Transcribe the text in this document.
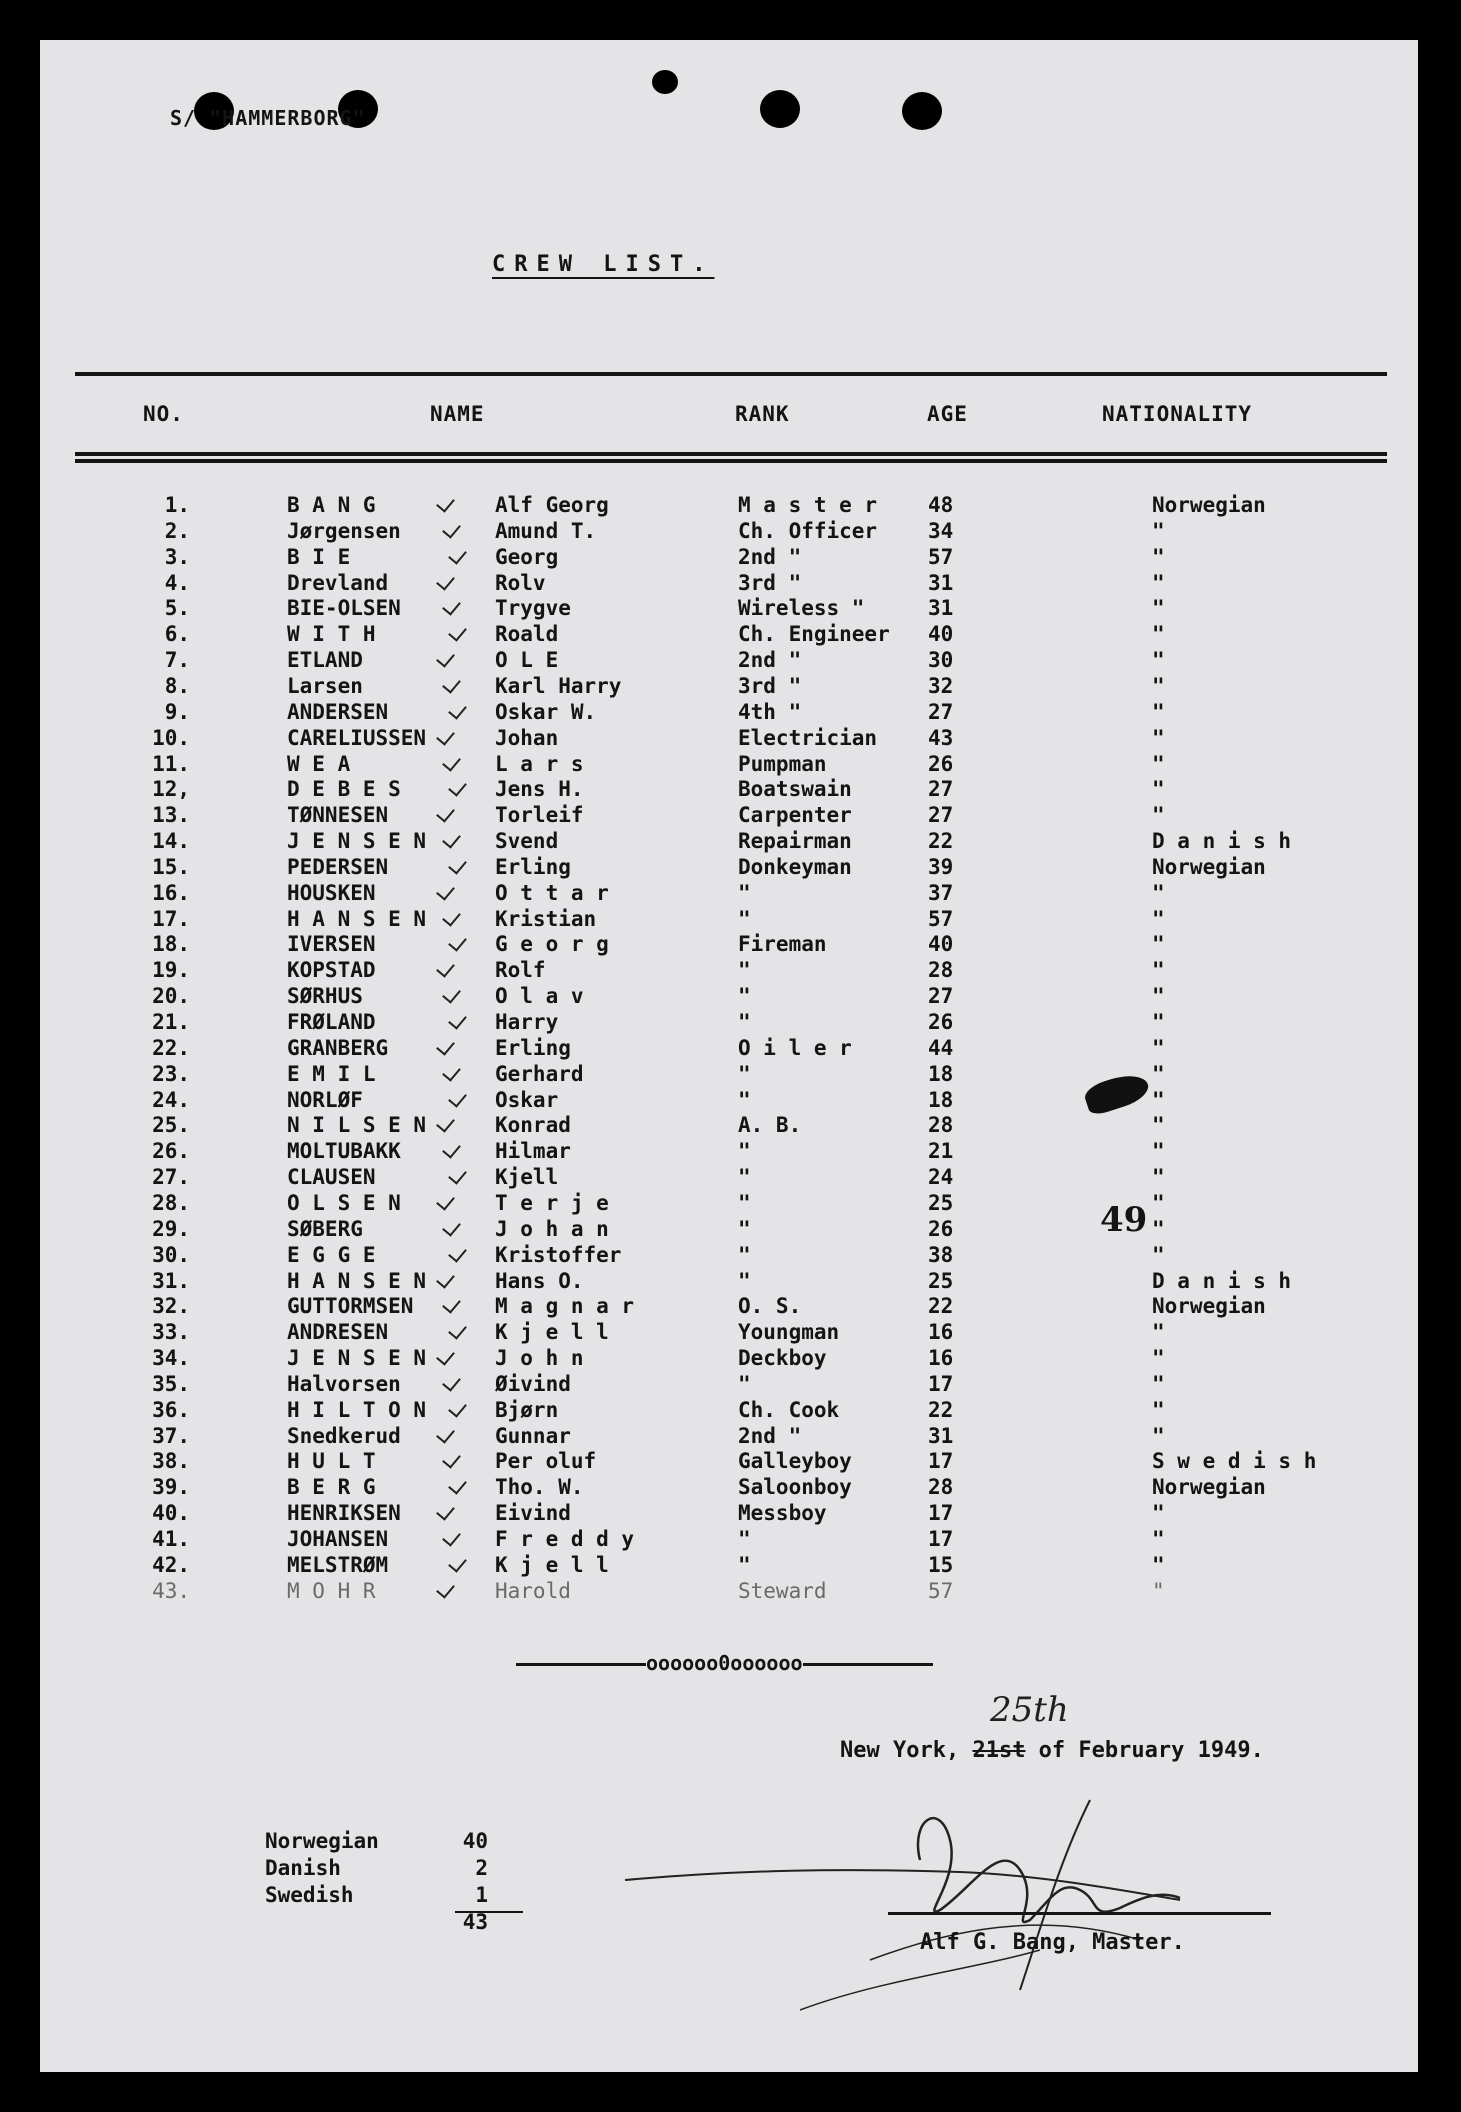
S/ "HAMMERBORG"
CREW LIST.
NO.	NAME	RANK	AGE	NATIONALITY
1.	B A N G	Alf Georg	M a s t e r 48	Norwegian
2.	Jørgensen	Amund T.	Ch. Officer 34	"
3.	B I E	Georg	2nd "	57	"
4.	Drevland	Rolv	3rd "	31	"
5.	BIE-OLSEN	Trygve	Wireless "	31	"
6.	W I T H	Roald	Ch. Engineer 40	"
7.	ETLAND	O L E	2nd "	30	"
8.	Larsen	Karl Harry	3rd "	32	"
9.	ANDERSEN	Oskar W.	4th "	27	"
10.	CARELIUSSEN	Johan	Electrician 43	"
11.	W E A	L a r s	Pumpman	26	"
12,	D E B E S	Jens H.	Boatswain	27	"
13.	TØNNESEN	Torleif	Carpenter	27	"
14.	J E N S E N	Svend	Repairman	22	D a n i s h
15.	PEDERSEN	Erling	Donkeyman	39	Norwegian
16.	HOUSKEN	O t t a r	"	37	"
17.	H A N S E N	Kristian	"	57	"
18.	IVERSEN	G e o r g	Fireman	40	"
19.	KOPSTAD	Rolf	"	28	"
20.	SØRHUS	O l a v	"	27	"
21.	FRØLAND	Harry	"	26	"
22.	GRANBERG	Erling	O i l e r	44	"
23.	E M I L	Gerhard	"	18	"
24.	NORLØF	Oskar	"	18	"
25.	N I L S E N	Konrad	A. B.	28	"
26.	MOLTUBAKK	Hilmar	"	21	"
27.	CLAUSEN	Kjell	"	24	"
28.	O L S E N	T e r j e	"	25	"
29.	SØBERG	J o h a n	"	26	"
30.	E G G E	Kristoffer	"	38	"
31.	H A N S E N	Hans O.	"	25	D a n i s h
32.	GUTTORMSEN	M a g n a r	O. S.	22	Norwegian
33.	ANDRESEN	K j e l l	Youngman	16	"
34.	J E N S E N	J o h n	Deckboy	16	"
35.	Halvorsen	Øivind	"	17	"
36.	H I L T O N	Bjørn	Ch. Cook	22	"
37.	Snedkerud	Gunnar	2nd "	31	"
38.	H U L T	Per oluf	Galleyboy	17	S w e d i s h
39.	B E R G	Tho. W.	Saloonboy	28	Norwegian
40.	HENRIKSEN	Eivind	Messboy	17	"
41.	JOHANSEN	F r e d d y	"	17	"
42.	MELSTRØM	K j e l l	"	15	"
43.	M O H R	Harold	Steward	57	"
49
oooooo0oooooo
25th
New York, 21st of February 1949.
Norwegian	40
Danish	2
Swedish	1
43
Alf G. Bang, Master.
